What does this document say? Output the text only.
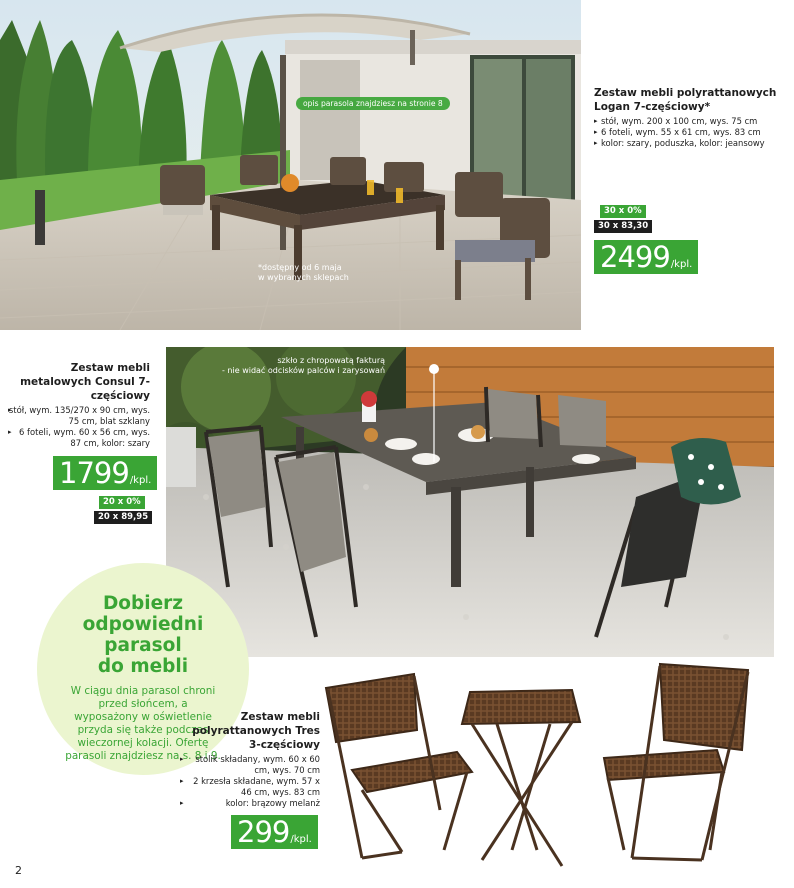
opis parasola znajdziesz na stronie 8
*dostępny od 6 maja
w wybranych sklepach
Zestaw mebli polyrattanowych Logan 7-częściowy*
▸ stół, wym. 200 x 100 cm, wys. 75 cm
▸ 6 foteli, wym. 55 x 61 cm, wys. 83 cm
▸ kolor: szary, poduszka, kolor: jeansowy
30 x 0%
30 x 83,30
2499 /kpl.
szkło z chropowatą fakturą
- nie widać odcisków palców i zarysowań
Zestaw mebli metalowych Consul 7-częściowy
▸ stół, wym. 135/270 x 90 cm, wys. 75 cm, blat szklany
▸ 6 foteli, wym. 60 x 56 cm, wys. 87 cm, kolor: szary
1799 /kpl.
20 x 0%
20 x 89,95
Dobierz
odpowiedni
parasol
do mebli
W ciągu dnia parasol chroni przed słońcem, a wyposażony w oświetlenie przyda się także podczas wieczornej kolacji. Ofertę parasoli znajdziesz na s. 8 i 9.
Zestaw mebli polyrattanowych Tres 3-częściowy
▸ stolik składany, wym. 60 x 60 cm, wys. 70 cm
▸ 2 krzesła składane, wym. 57 x 46 cm, wys. 83 cm
▸ kolor: brązowy melanż
299 /kpl.
2
